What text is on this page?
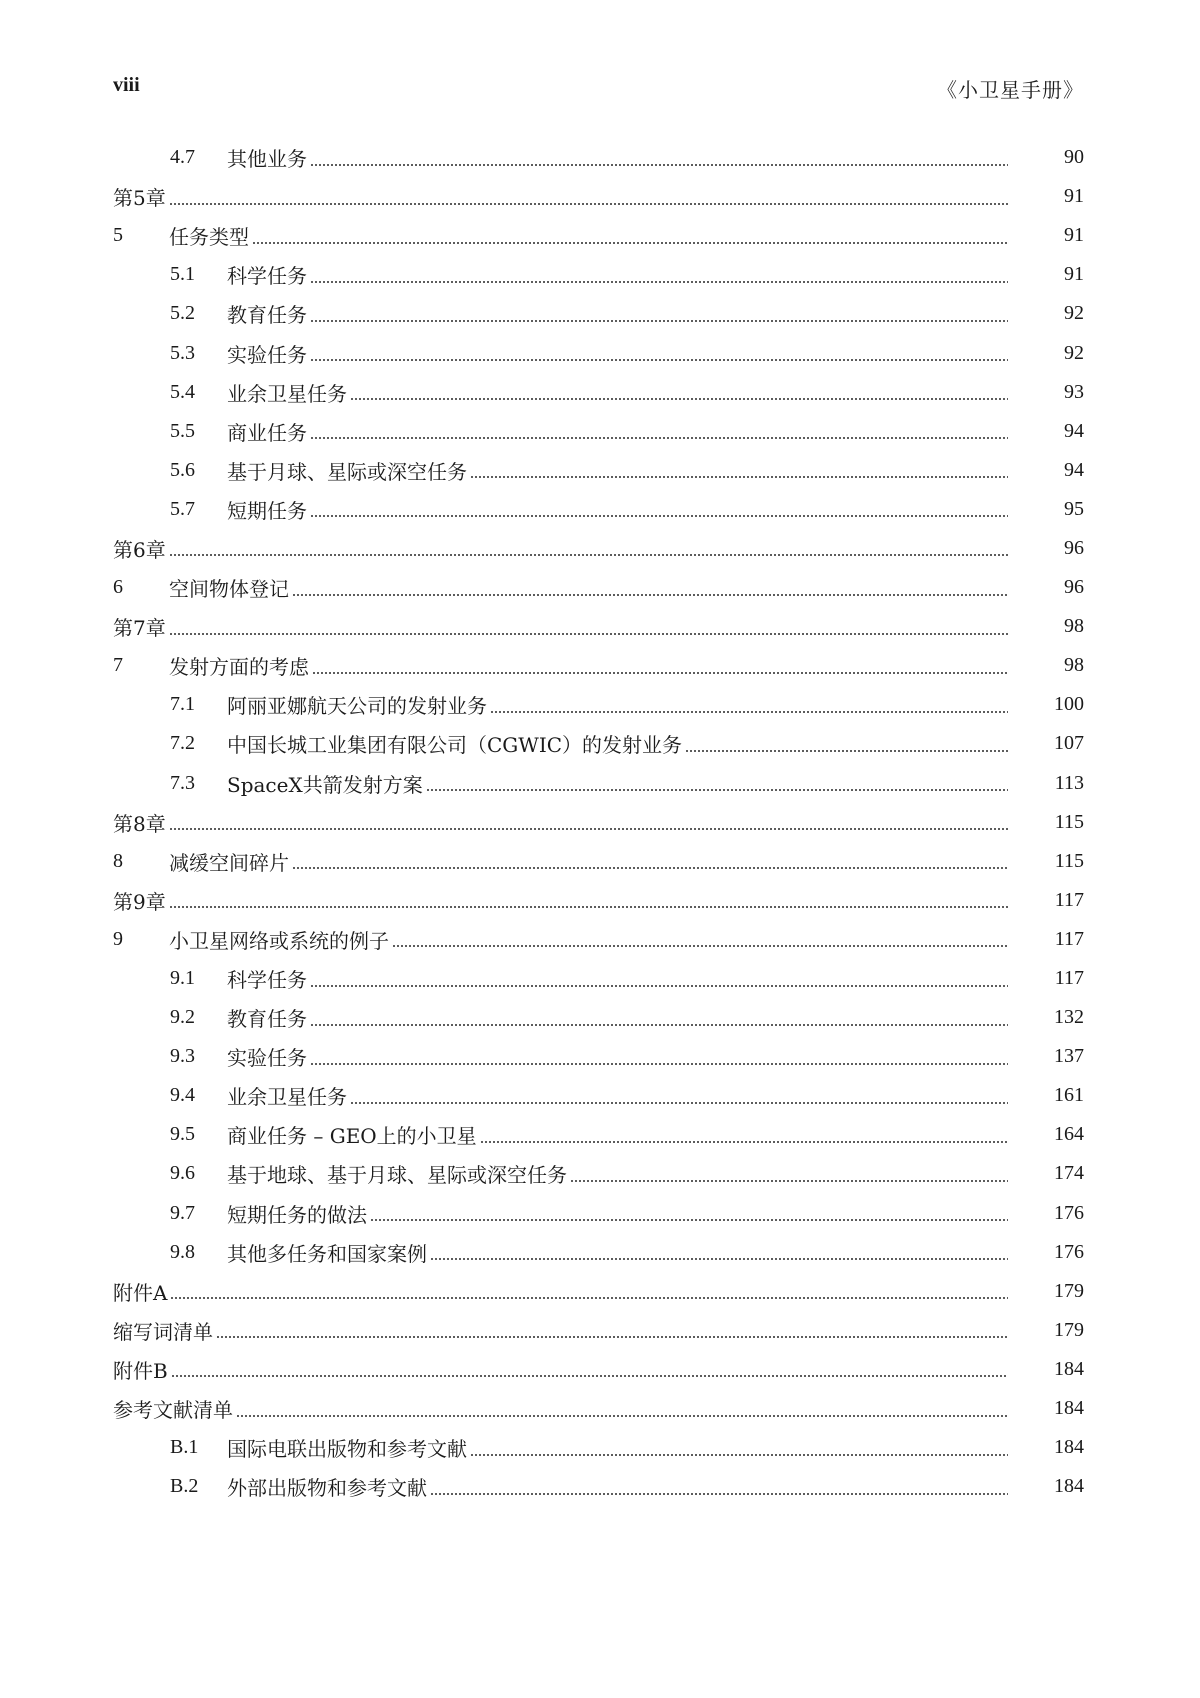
viii	《小卫星手册》
4.7	其他业务	90
第5章	91
5	任务类型	91
5.1	科学任务	91
5.2	教育任务	92
5.3	实验任务	92
5.4	业余卫星任务	93
5.5	商业任务	94
5.6	基于月球、星际或深空任务	94
5.7	短期任务	95
第6章	96
6	空间物体登记	96
第7章	98
7	发射方面的考虑	98
7.1	阿丽亚娜航天公司的发射业务	100
7.2	中国长城工业集团有限公司（CGWIC）的发射业务	107
7.3	SpaceX共箭发射方案	113
第8章	115
8	减缓空间碎片	115
第9章	117
9	小卫星网络或系统的例子	117
9.1	科学任务	117
9.2	教育任务	132
9.3	实验任务	137
9.4	业余卫星任务	161
9.5	商业任务 – GEO上的小卫星	164
9.6	基于地球、基于月球、星际或深空任务	174
9.7	短期任务的做法	176
9.8	其他多任务和国家案例	176
附件A	179
缩写词清单	179
附件B	184
参考文献清单	184
B.1	国际电联出版物和参考文献	184
B.2	外部出版物和参考文献	184
